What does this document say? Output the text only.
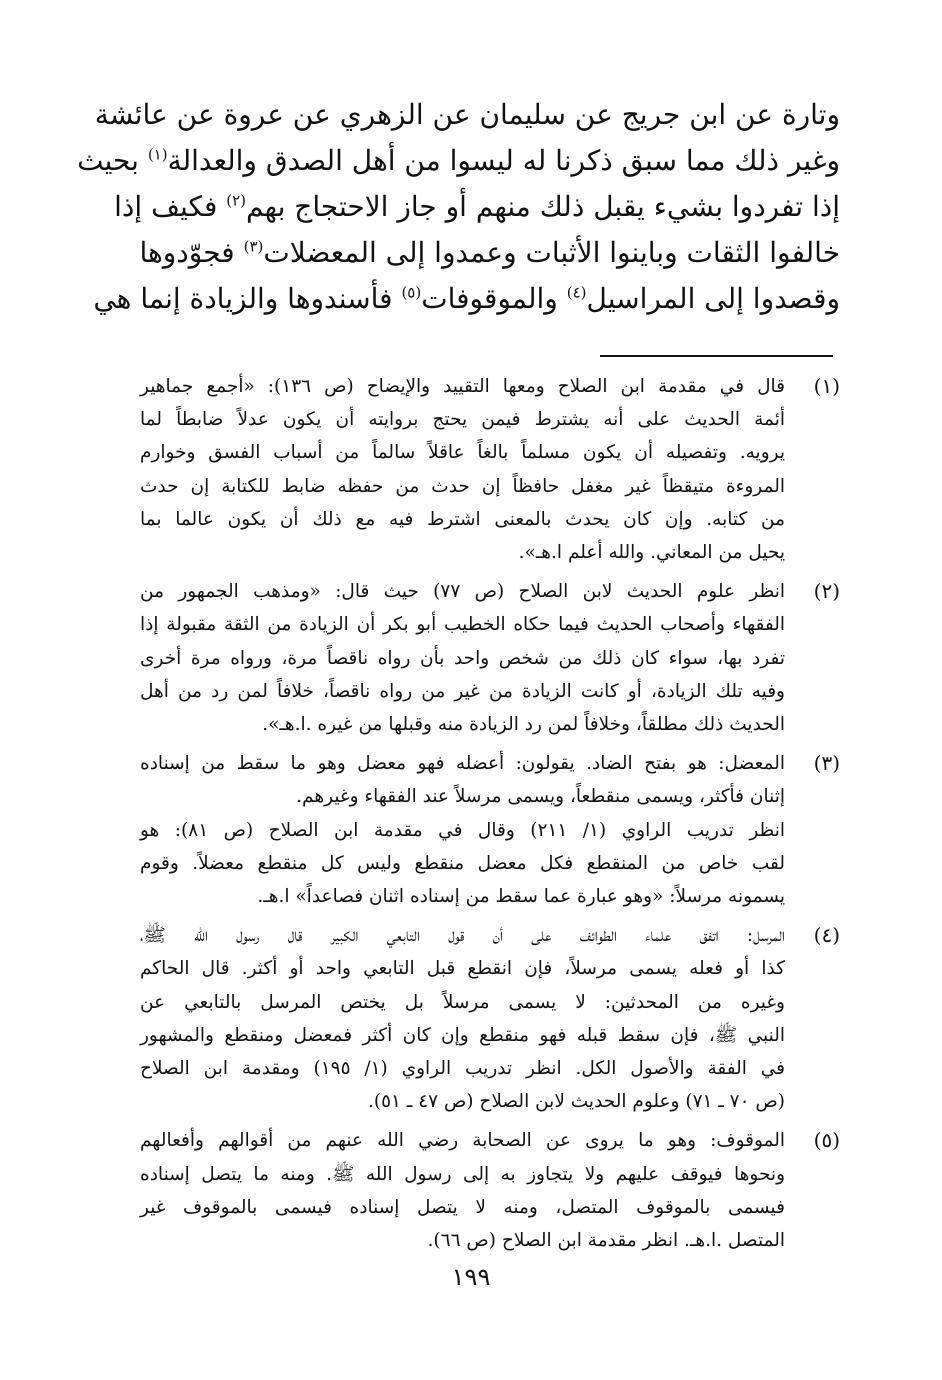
وتارة عن ابن جريج عن سليمان عن الزهري عن عروة عن عائشة
وغير ذلك مما سبق ذكرنا له ليسوا من أهل الصدق والعدالة$^{(١)}$ بحيث
إذا تفردوا بشيء يقبل ذلك منهم أو جاز الاحتجاج بهم$^{(٢)}$ فكيف إذا
خالفوا الثقات وباينوا الأثبات وعمدوا إلى المعضلات$^{(٣)}$ فجوّدوها
وقصدوا إلى المراسيل$^{(٤)}$ والموقوفات$^{(٥)}$ فأسندوها والزيادة إنما هي
(١)
قال في مقدمة ابن الصلاح ومعها التقييد والإيضاح (ص ١٣٦): «أجمع جماهير
أئمة الحديث على أنه يشترط فيمن يحتج بروايته أن يكون عدلاً ضابطاً لما
يرويه. وتفصيله أن يكون مسلماً بالغاً عاقلاً سالماً من أسباب الفسق وخوارم
المروءة متيقظاً غير مغفل حافظاً إن حدث من حفظه ضابط للكتابة إن حدث
من كتابه. وإن كان يحدث بالمعنى اشترط فيه مع ذلك أن يكون عالما بما
يحيل من المعاني. والله أعلم ا.هـ».
(٢)
انظر علوم الحديث لابن الصلاح (ص ٧٧) حيث قال: «ومذهب الجمهور من
الفقهاء وأصحاب الحديث فيما حكاه الخطيب أبو بكر أن الزيادة من الثقة مقبولة إذا
تفرد بها، سواء كان ذلك من شخص واحد بأن رواه ناقصاً مرة، ورواه مرة أخرى
وفيه تلك الزيادة، أو كانت الزيادة من غير من رواه ناقصاً، خلافاً لمن رد من أهل
الحديث ذلك مطلقاً، وخلافاً لمن رد الزيادة منه وقبلها من غيره .ا.هـ».
(٣)
المعضل: هو بفتح الضاد. يقولون: أعضله فهو معضل وهو ما سقط من إسناده
إثنان فأكثر، ويسمى منقطعاً، ويسمى مرسلاً عند الفقهاء وغيرهم.
انظر تدريب الراوي (١/ ٢١١) وقال في مقدمة ابن الصلاح (ص ٨١): هو
لقب خاص من المنقطع فكل معضل منقطع وليس كل منقطع معضلاً. وقوم
يسمونه مرسلاً: «وهو عبارة عما سقط من إسناده اثنان فصاعداً» ا.هـ.
(٤)
المرسل: اتفق علماء الطوائف على أن قول التابعي الكبير قال رسول الله ﷺ،
كذا أو فعله يسمى مرسلاً، فإن انقطع قبل التابعي واحد أو أكثر. قال الحاكم
وغيره من المحدثين: لا يسمى مرسلاً بل يختص المرسل بالتابعي عن
النبي ﷺ، فإن سقط قبله فهو منقطع وإن كان أكثر فمعضل ومنقطع والمشهور
في الفقة والأصول الكل. انظر تدريب الراوي (١/ ١٩٥) ومقدمة ابن الصلاح
(ص ٧٠ ـ ٧١) وعلوم الحديث لابن الصلاح (ص ٤٧ ـ ٥١).
(٥)
الموقوف: وهو ما يروى عن الصحابة رضي الله عنهم من أقوالهم وأفعالهم
ونحوها فيوقف عليهم ولا يتجاوز به إلى رسول الله ﷺ. ومنه ما يتصل إسناده
فيسمى بالموقوف المتصل، ومنه لا يتصل إسناده فيسمى بالموقوف غير
المتصل .ا.هـ. انظر مقدمة ابن الصلاح (ص ٦٦).
١٩٩
